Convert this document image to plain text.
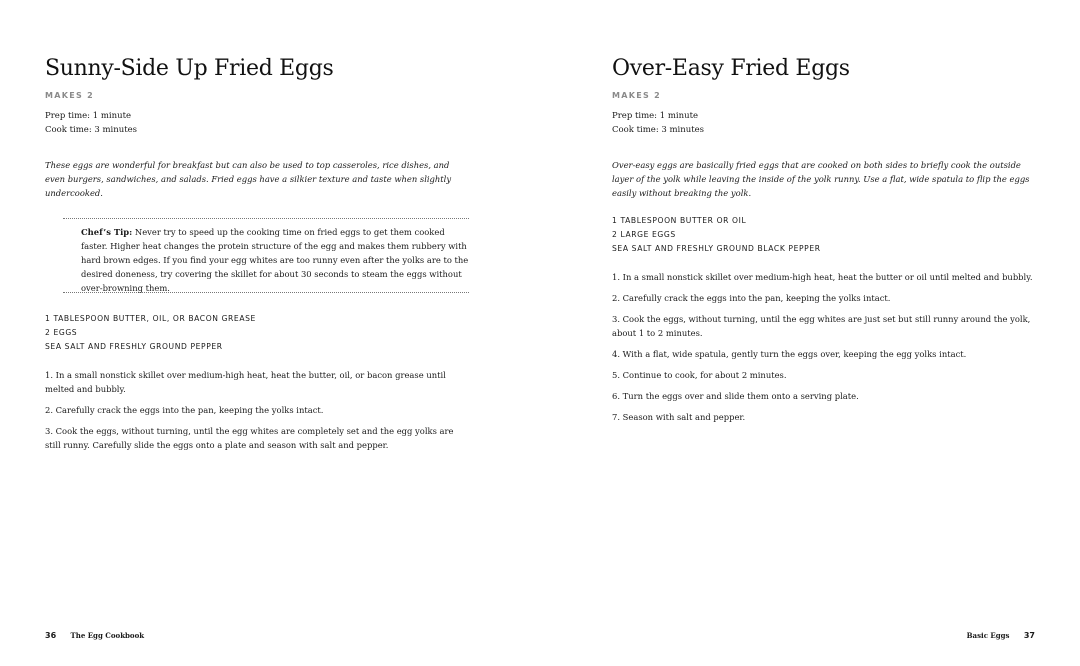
Sunny-Side Up Fried Eggs
MAKES 2
Prep time: 1 minute
Cook time: 3 minutes

These eggs are wonderful for breakfast but can also be used to top casseroles, rice dishes, and even burgers, sandwiches, and salads. Fried eggs have a silkier texture and taste when slightly undercooked.

Chef’s Tip: Never try to speed up the cooking time on fried eggs to get them cooked faster. Higher heat changes the protein structure of the egg and makes them rubbery with hard brown edges. If you find your egg whites are too runny even after the yolks are to the desired doneness, try covering the skillet for about 30 seconds to steam the eggs without over-browning them.

1 TABLESPOON BUTTER, OIL, OR BACON GREASE
2 EGGS
SEA SALT AND FRESHLY GROUND PEPPER
1. In a small nonstick skillet over medium-high heat, heat the butter, oil, or bacon grease until melted and bubbly.
2. Carefully crack the eggs into the pan, keeping the yolks intact.
3. Cook the eggs, without turning, until the egg whites are completely set and the egg yolks are still runny. Carefully slide the eggs onto a plate and season with salt and pepper.
36 The Egg Cookbook
Over-Easy Fried Eggs
MAKES 2
Prep time: 1 minute
Cook time: 3 minutes

Over-easy eggs are basically fried eggs that are cooked on both sides to briefly cook the outside layer of the yolk while leaving the inside of the yolk runny. Use a flat, wide spatula to flip the eggs easily without breaking the yolk.

1 TABLESPOON BUTTER OR OIL
2 LARGE EGGS
SEA SALT AND FRESHLY GROUND BLACK PEPPER
1. In a small nonstick skillet over medium-high heat, heat the butter or oil until melted and bubbly.
2. Carefully crack the eggs into the pan, keeping the yolks intact.
3. Cook the eggs, without turning, until the egg whites are just set but still runny around the yolk, about 1 to 2 minutes.
4. With a flat, wide spatula, gently turn the eggs over, keeping the egg yolks intact.
5. Continue to cook, for about 2 minutes.
6. Turn the eggs over and slide them onto a serving plate.
7. Season with salt and pepper.
Basic Eggs 37
